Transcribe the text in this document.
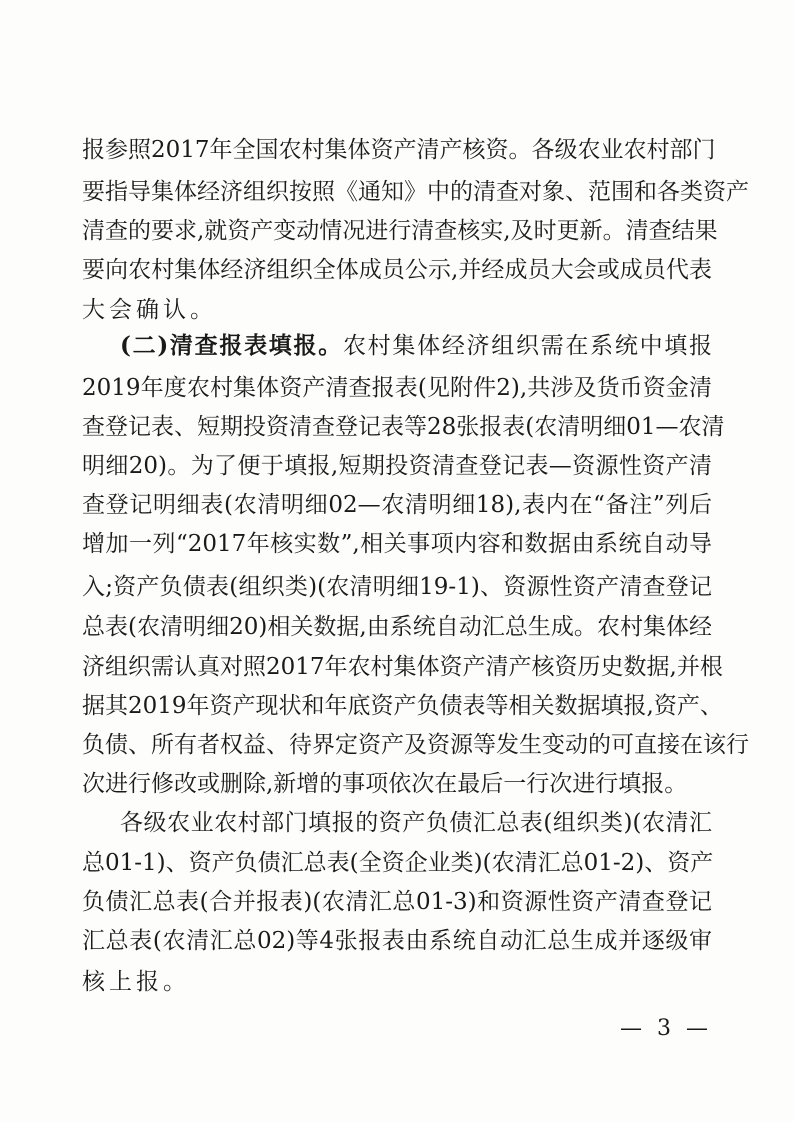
报参照2017年全国农村集体资产清产核资。各级农业农村部门
要指导集体经济组织按照《通知》中的清查对象、范围和各类资产
清查的要求,就资产变动情况进行清查核实,及时更新。清查结果
要向农村集体经济组织全体成员公示,并经成员大会或成员代表
大会确认。
(二)清查报表填报。农村集体经济组织需在系统中填报
2019年度农村集体资产清查报表(见附件2),共涉及货币资金清
查登记表、短期投资清查登记表等28张报表(农清明细01—农清
明细20)。为了便于填报,短期投资清查登记表—资源性资产清
查登记明细表(农清明细02—农清明细18),表内在“备注”列后
增加一列“2017年核实数”,相关事项内容和数据由系统自动导
入;资产负债表(组织类)(农清明细19-1)、资源性资产清查登记
总表(农清明细20)相关数据,由系统自动汇总生成。农村集体经
济组织需认真对照2017年农村集体资产清产核资历史数据,并根
据其2019年资产现状和年底资产负债表等相关数据填报,资产、
负债、所有者权益、待界定资产及资源等发生变动的可直接在该行
次进行修改或删除,新增的事项依次在最后一行次进行填报。
各级农业农村部门填报的资产负债汇总表(组织类)(农清汇
总01-1)、资产负债汇总表(全资企业类)(农清汇总01-2)、资产
负债汇总表(合并报表)(农清汇总01-3)和资源性资产清查登记
汇总表(农清汇总02)等4张报表由系统自动汇总生成并逐级审
核上报。
— 3 —
